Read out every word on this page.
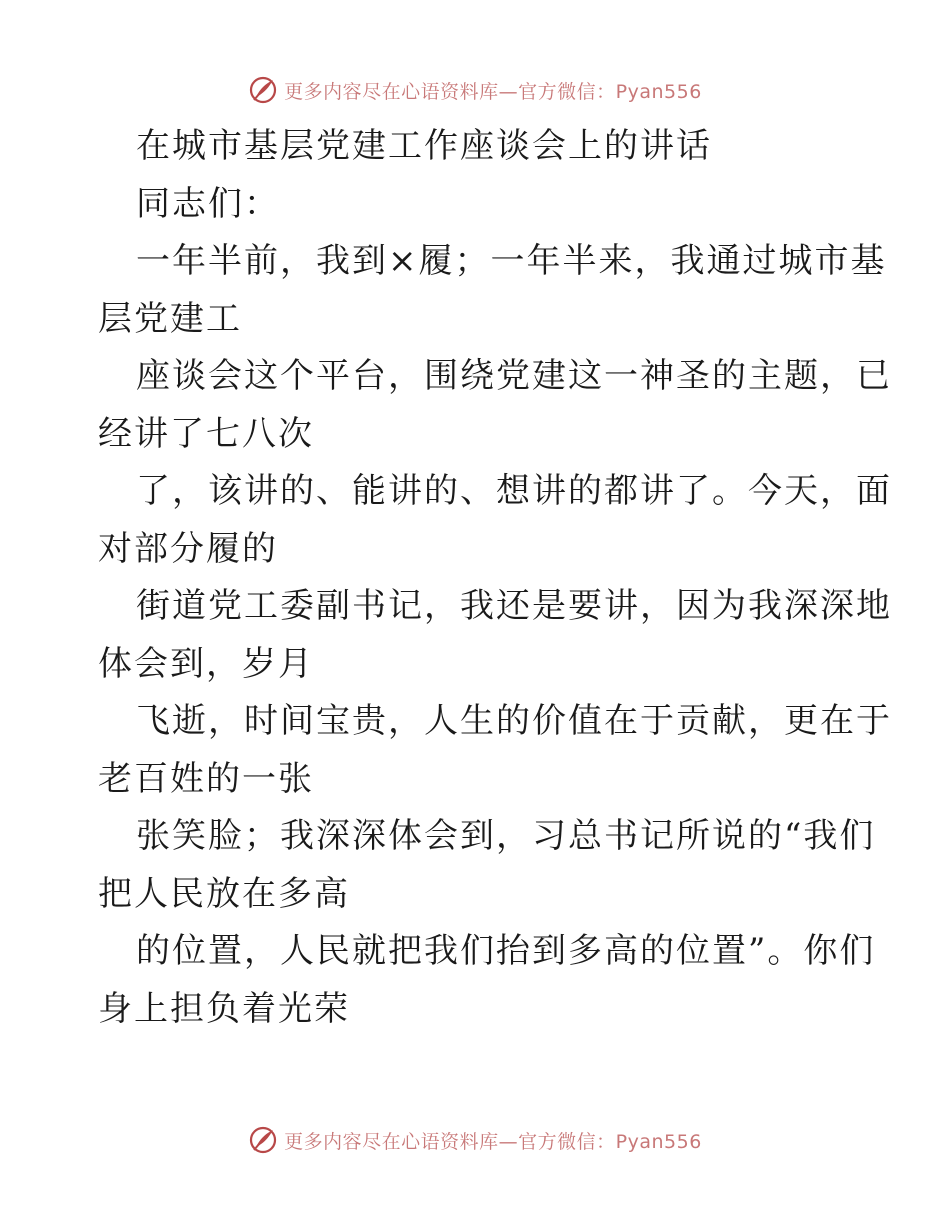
更多内容尽在心语资料库—官方微信：Pyan556
在城市基层党建工作座谈会上的讲话
同志们：
一年半前，我到×履；一年半来，我通过城市基
层党建工
座谈会这个平台，围绕党建这一神圣的主题，已
经讲了七八次
了，该讲的、能讲的、想讲的都讲了。今天，面
对部分履的
街道党工委副书记，我还是要讲，因为我深深地
体会到，岁月
飞逝，时间宝贵，人生的价值在于贡献，更在于
老百姓的一张
张笑脸；我深深体会到，习总书记所说的“我们
把人民放在多高
的位置，人民就把我们抬到多高的位置”。你们
身上担负着光荣
更多内容尽在心语资料库—官方微信：Pyan556
